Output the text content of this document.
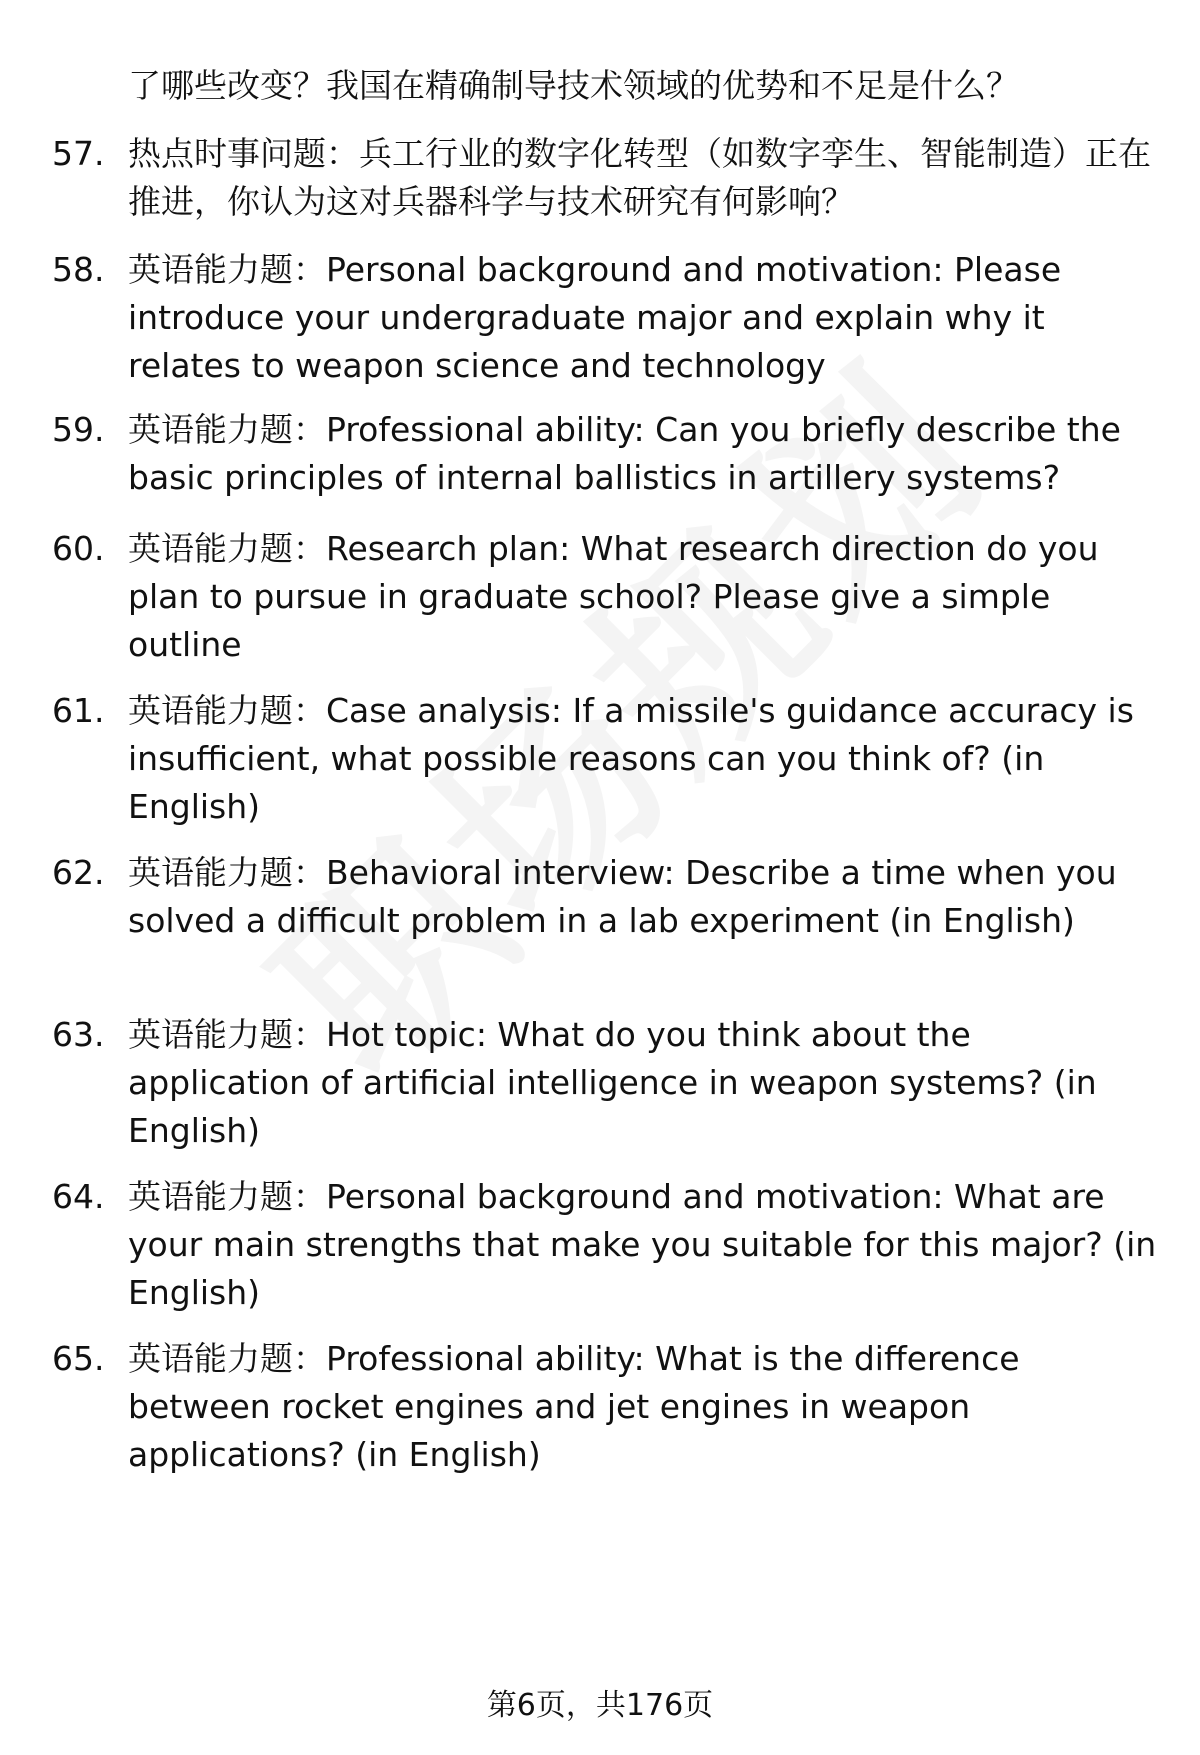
了哪些改变？我国在精确制导技术领域的优势和不足是什么？
57. 热点时事问题：兵工行业的数字化转型（如数字孪生、智能制造）正在推进，你认为这对兵器科学与技术研究有何影响？
58. 英语能力题：Personal background and motivation: Please introduce your undergraduate major and explain why it relates to weapon science and technology
59. 英语能力题：Professional ability: Can you briefly describe the basic principles of internal ballistics in artillery systems?
60. 英语能力题：Research plan: What research direction do you plan to pursue in graduate school? Please give a simple outline
61. 英语能力题：Case analysis: If a missile's guidance accuracy is insufficient, what possible reasons can you think of? (in English)
62. 英语能力题：Behavioral interview: Describe a time when you solved a difficult problem in a lab experiment (in English)
63. 英语能力题：Hot topic: What do you think about the application of artificial intelligence in weapon systems? (in English)
64. 英语能力题：Personal background and motivation: What are your main strengths that make you suitable for this major? (in English)
65. 英语能力题：Professional ability: What is the difference between rocket engines and jet engines in weapon applications? (in English)
第6页，共176页
